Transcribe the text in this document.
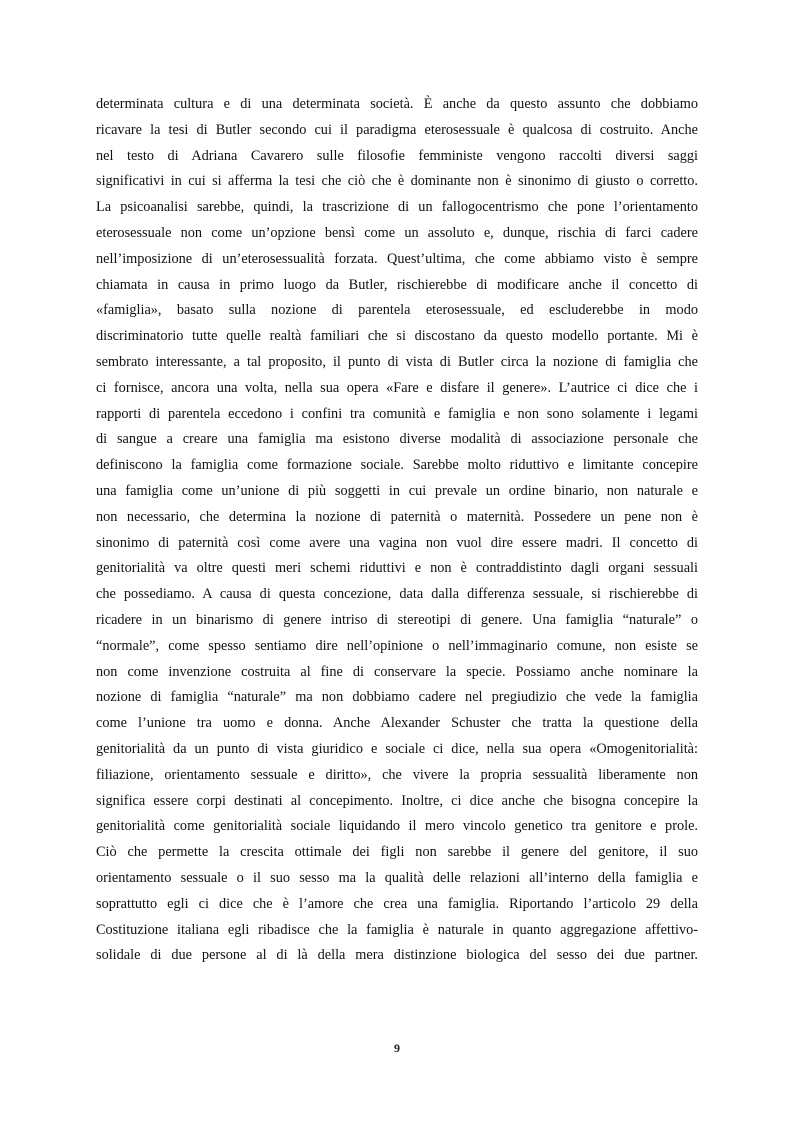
determinata cultura e di una determinata società. È anche da questo assunto che dobbiamo
ricavare la tesi di Butler secondo cui il paradigma eterosessuale è qualcosa di costruito. Anche
nel testo di Adriana Cavarero sulle filosofie femministe vengono raccolti diversi saggi
significativi in cui si afferma la tesi che ciò che è dominante non è sinonimo di giusto o corretto.
La psicoanalisi sarebbe, quindi, la trascrizione di un fallogocentrismo che pone l’orientamento
eterosessuale non come un’opzione bensì come un assoluto e, dunque, rischia di farci cadere
nell’imposizione di un’eterosessualità forzata. Quest’ultima, che come abbiamo visto è sempre
chiamata in causa in primo luogo da Butler, rischierebbe di modificare anche il concetto di
«famiglia», basato sulla nozione di parentela eterosessuale, ed escluderebbe in modo
discriminatorio tutte quelle realtà familiari che si discostano da questo modello portante. Mi è
sembrato interessante, a tal proposito, il punto di vista di Butler circa la nozione di famiglia che
ci fornisce, ancora una volta, nella sua opera «Fare e disfare il genere». L’autrice ci dice che i
rapporti di parentela eccedono i confini tra comunità e famiglia e non sono solamente i legami
di sangue a creare una famiglia ma esistono diverse modalità di associazione personale che
definiscono la famiglia come formazione sociale. Sarebbe molto riduttivo e limitante concepire
una famiglia come un’unione di più soggetti in cui prevale un ordine binario, non naturale e
non necessario, che determina la nozione di paternità o maternità. Possedere un pene non è
sinonimo di paternità così come avere una vagina non vuol dire essere madri. Il concetto di
genitorialità va oltre questi meri schemi riduttivi e non è contraddistinto dagli organi sessuali
che possediamo. A causa di questa concezione, data dalla differenza sessuale, si rischierebbe di
ricadere in un binarismo di genere intriso di stereotipi di genere. Una famiglia “naturale” o
“normale”, come spesso sentiamo dire nell’opinione o nell’immaginario comune, non esiste se
non come invenzione costruita al fine di conservare la specie. Possiamo anche nominare la
nozione di famiglia “naturale” ma non dobbiamo cadere nel pregiudizio che vede la famiglia
come l’unione tra uomo e donna. Anche Alexander Schuster che tratta la questione della
genitorialità da un punto di vista giuridico e sociale ci dice, nella sua opera «Omogenitorialità:
filiazione, orientamento sessuale e diritto», che vivere la propria sessualità liberamente non
significa essere corpi destinati al concepimento. Inoltre, ci dice anche che bisogna concepire la
genitorialità come genitorialità sociale liquidando il mero vincolo genetico tra genitore e prole.
Ciò che permette la crescita ottimale dei figli non sarebbe il genere del genitore, il suo
orientamento sessuale o il suo sesso ma la qualità delle relazioni all’interno della famiglia e
soprattutto egli ci dice che è l’amore che crea una famiglia. Riportando l’articolo 29 della
Costituzione italiana egli ribadisce che la famiglia è naturale in quanto aggregazione affettivo-
solidale di due persone al di là della mera distinzione biologica del sesso dei due partner.
9
